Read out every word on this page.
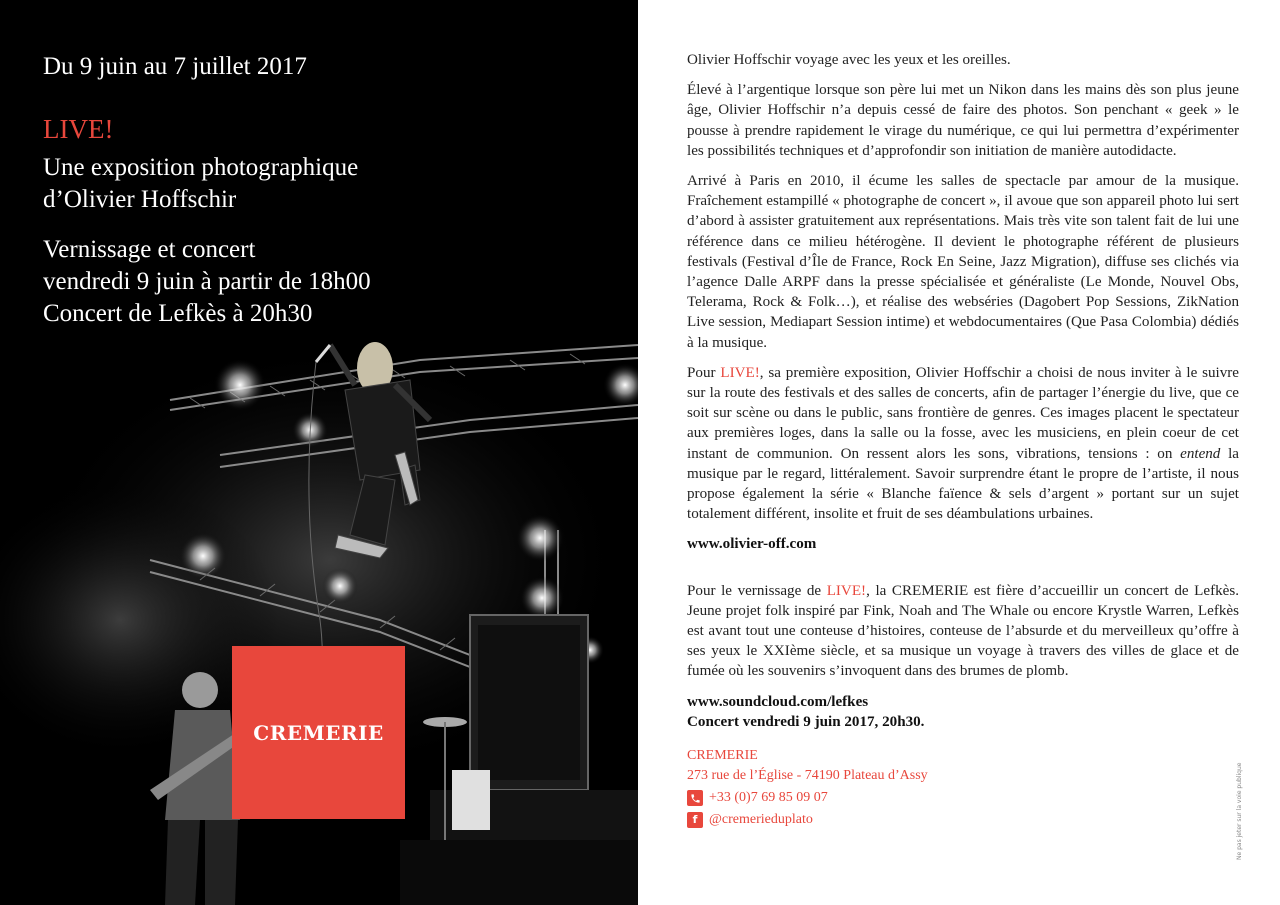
Du 9 juin au 7 juillet 2017
LIVE!
Une exposition photographique
d’Olivier Hoffschir
Vernissage et concert
vendredi 9 juin à partir de 18h00
Concert de Lefkès à 20h30
CREMERIE

Olivier Hoffschir voyage avec les yeux et les oreilles.

Élevé à l’argentique lorsque son père lui met un Nikon dans les mains dès son plus jeune âge, Olivier Hoffschir n’a depuis cessé de faire des photos. Son penchant « geek » le pousse à prendre rapidement le virage du numérique, ce qui lui permettra d’expérimenter les possibilités techniques et d’approfondir son initiation de manière autodidacte.

Arrivé à Paris en 2010, il écume les salles de spectacle par amour de la musique. Fraîchement estampillé « photographe de concert », il avoue que son appareil photo lui sert d’abord à assister gratuitement aux représentations. Mais très vite son talent fait de lui une référence dans ce milieu hétérogène. Il devient le photographe référent de plusieurs festivals (Festival d’Île de France, Rock En Seine, Jazz Migration), diffuse ses clichés via l’agence Dalle ARPF dans la presse spécialisée et généraliste (Le Monde, Nouvel Obs, Telerama, Rock & Folk…), et réalise des webséries (Dagobert Pop Sessions, ZikNation Live session, Mediapart Session intime) et webdocumentaires (Que Pasa Colombia) dédiés à la musique.

Pour LIVE!, sa première exposition, Olivier Hoffschir a choisi de nous inviter à le suivre sur la route des festivals et des salles de concerts, afin de partager l’énergie du live, que ce soit sur scène ou dans le public, sans frontière de genres. Ces images placent le spectateur aux premières loges, dans la salle ou la fosse, avec les musiciens, en plein coeur de cet instant de communion. On ressent alors les sons, vibrations, tensions : on entend la musique par le regard, littéralement. Savoir surprendre étant le propre de l’artiste, il nous propose également la série « Blanche faïence & sels d’argent » portant sur un sujet totalement différent, insolite et fruit de ses déambulations urbaines.

www.olivier-off.com

Pour le vernissage de LIVE!, la CREMERIE est fière d’accueillir un concert de Lefkès. Jeune projet folk inspiré par Fink, Noah and The Whale ou encore Krystle Warren, Lefkès est avant tout une conteuse d’histoires, conteuse de l’absurde et du merveilleux qu’offre à ses yeux le XXIème siècle, et sa musique un voyage à travers des villes de glace et de fumée où les souvenirs s’invoquent dans des brumes de plomb.

www.soundcloud.com/lefkes
Concert vendredi 9 juin 2017, 20h30.
CREMERIE
273 rue de l’Église - 74190 Plateau d’Assy
+33 (0)7 69 85 09 07
f @cremerieduplato	Ne pas jeter sur la voie publique
